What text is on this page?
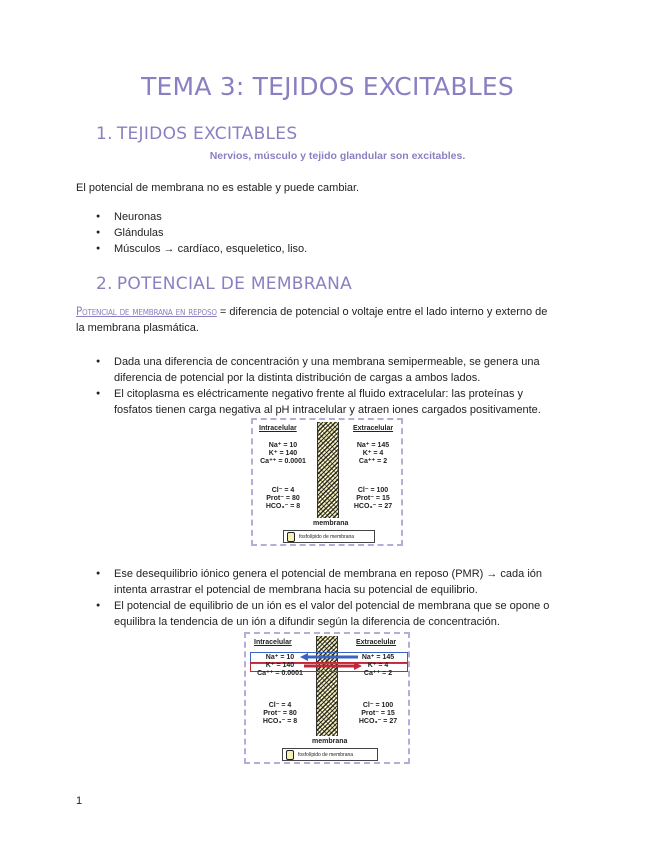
TEMA 3: TEJIDOS EXCITABLES
1. TEJIDOS EXCITABLES
Nervios, músculo y tejido glandular son excitables.
El potencial de membrana no es estable y puede cambiar.
● Neuronas
● Glándulas
● Músculos → cardíaco, esqueletico, liso.
2. POTENCIAL DE MEMBRANA
Potencial de membrana en reposo = diferencia de potencial o voltaje entre el lado interno y externo de la membrana plasmática.
● Dada una diferencia de concentración y una membrana semipermeable, se genera una diferencia de potencial por la distinta distribución de cargas a ambos lados.
● El citoplasma es eléctricamente negativo frente al fluido extracelular: las proteínas y fosfatos tienen carga negativa al pH intracelular y atraen iones cargados positivamente.
Intracelular	Extracelular
Na⁺ = 10
K⁺ = 140
Ca⁺⁺ = 0.0001
Na⁺ = 145
K⁺ = 4
Ca⁺⁺ = 2
Cl⁻ = 4
Prot⁻ = 80
HCO₃⁻ = 8
Cl⁻ = 100
Prot⁻ = 15
HCO₃⁻ = 27
membrana
fosfolípido de membrana
● Ese desequilibrio iónico genera el potencial de membrana en reposo (PMR) → cada ión intenta arrastrar el potencial de membrana hacia su potencial de equilibrio.
● El potencial de equilibrio de un ión es el valor del potencial de membrana que se opone o equilibra la tendencia de un ión a difundir según la diferencia de concentración.
Intracelular	Extracelular
Na⁺ = 10
K⁺ = 140
Ca⁺⁺ = 0.0001
Na⁺ = 145
K⁺ = 4
Ca⁺⁺ = 2
Cl⁻ = 4
Prot⁻ = 80
HCO₃⁻ = 8
Cl⁻ = 100
Prot⁻ = 15
HCO₃⁻ = 27
membrana
fosfolípido de membrana
1
